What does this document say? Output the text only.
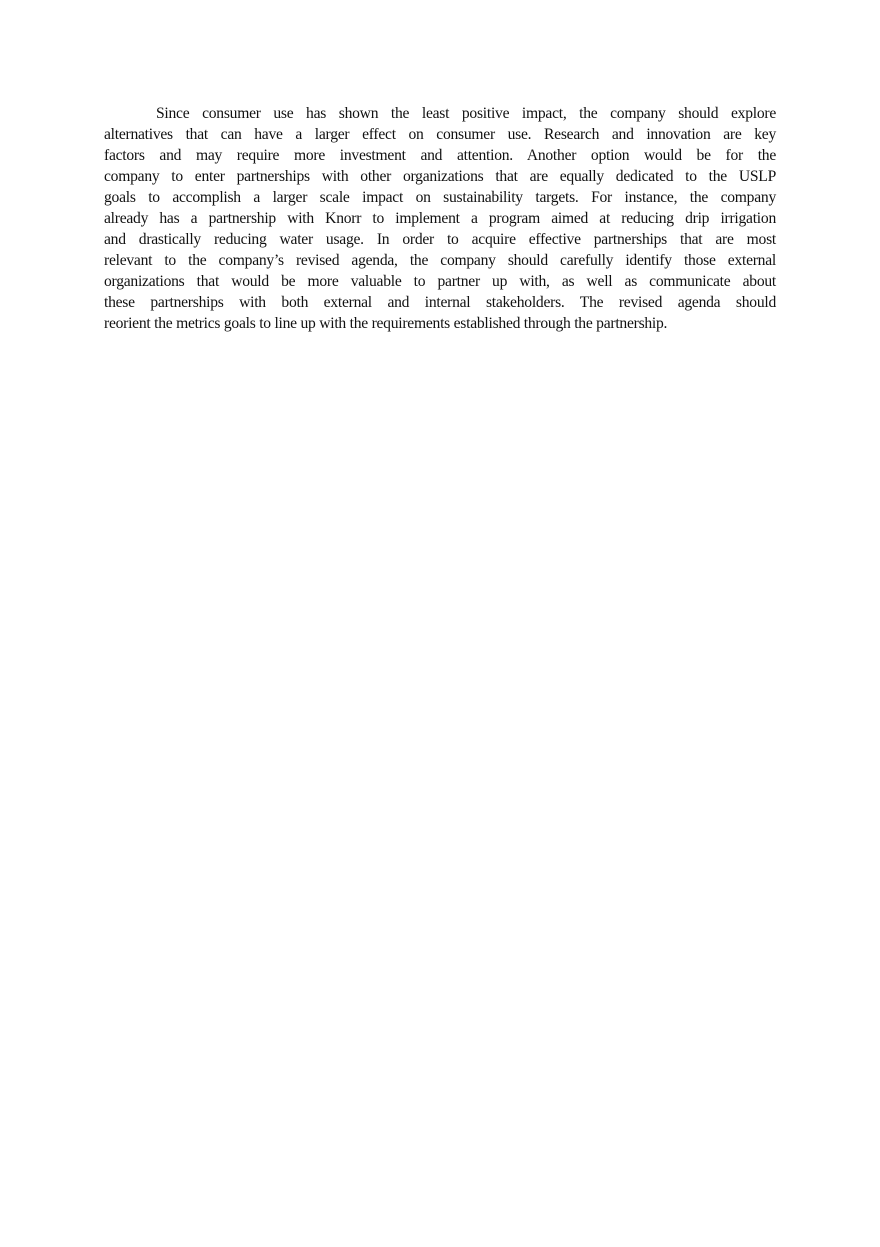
Since consumer use has shown the least positive impact, the company should explore
alternatives that can have a larger effect on consumer use. Research and innovation are key
factors and may require more investment and attention. Another option would be for the
company to enter partnerships with other organizations that are equally dedicated to the USLP
goals to accomplish a larger scale impact on sustainability targets. For instance, the company
already has a partnership with Knorr to implement a program aimed at reducing drip irrigation
and drastically reducing water usage. In order to acquire effective partnerships that are most
relevant to the company’s revised agenda, the company should carefully identify those external
organizations that would be more valuable to partner up with, as well as communicate about
these partnerships with both external and internal stakeholders. The revised agenda should
reorient the metrics goals to line up with the requirements established through the partnership.
